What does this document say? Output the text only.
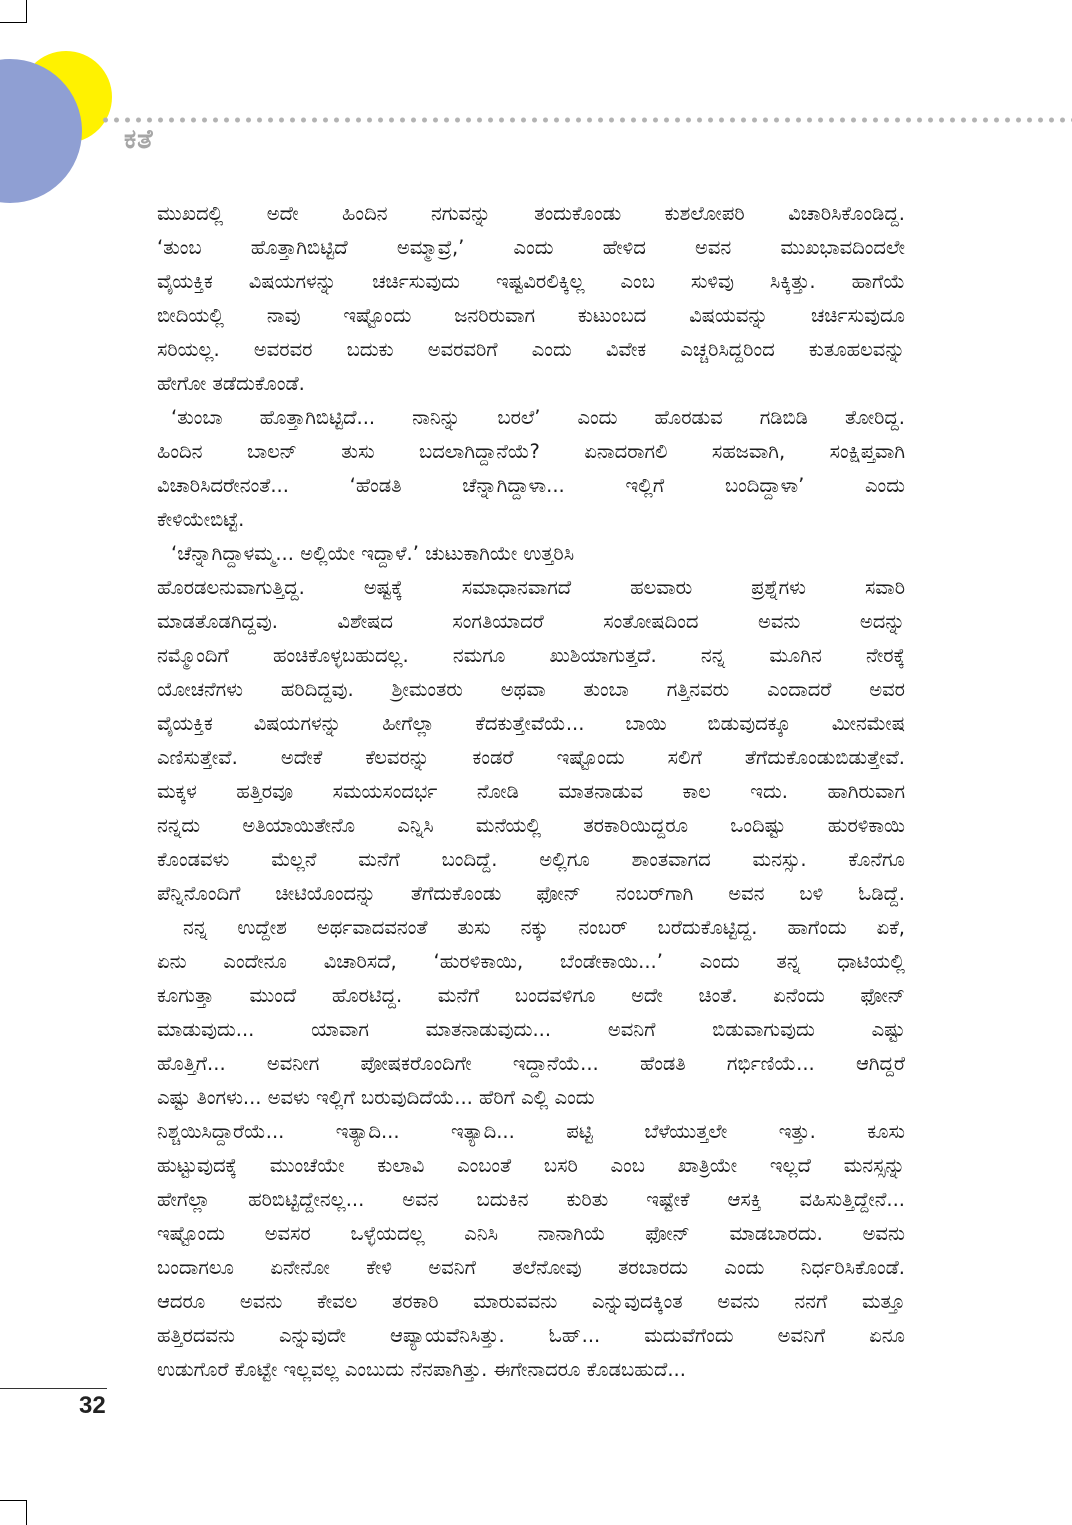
ಕತೆ
ಮುಖದಲ್ಲಿ ಅದೇ ಹಿಂದಿನ ನಗುವನ್ನು ತಂದುಕೊಂಡು ಕುಶಲೋಪರಿ ವಿಚಾರಿಸಿಕೊಂಡಿದ್ದ.
‘ತುಂಬ ಹೊತ್ತಾಗಿಬಿಟ್ಟಿದೆ ಅಮ್ಮಾವ್ರೆ,’ ಎಂದು ಹೇಳಿದ ಅವನ ಮುಖಭಾವದಿಂದಲೇ
ವೈಯಕ್ತಿಕ ವಿಷಯಗಳನ್ನು ಚರ್ಚಿಸುವುದು ಇಷ್ಟವಿರಲಿಕ್ಕಿಲ್ಲ ಎಂಬ ಸುಳಿವು ಸಿಕ್ಕಿತ್ತು. ಹಾಗೆಯೆ
ಬೀದಿಯಲ್ಲಿ ನಾವು ಇಷ್ಟೊಂದು ಜನರಿರುವಾಗ ಕುಟುಂಬದ ವಿಷಯವನ್ನು ಚರ್ಚಿಸುವುದೂ
ಸರಿಯಲ್ಲ. ಅವರವರ ಬದುಕು ಅವರವರಿಗೆ ಎಂದು ವಿವೇಕ ಎಚ್ಚರಿಸಿದ್ದರಿಂದ ಕುತೂಹಲವನ್ನು
ಹೇಗೋ ತಡೆದುಕೊಂಡೆ.
‘ತುಂಬಾ ಹೊತ್ತಾಗಿಬಿಟ್ಟಿದೆ... ನಾನಿನ್ನು ಬರಲೆ’ ಎಂದು ಹೊರಡುವ ಗಡಿಬಿಡಿ ತೋರಿದ್ದ.
ಹಿಂದಿನ ಬಾಲನ್ ತುಸು ಬದಲಾಗಿದ್ದಾನೆಯೆ? ಏನಾದರಾಗಲಿ ಸಹಜವಾಗಿ, ಸಂಕ್ಷಿಪ್ತವಾಗಿ
ವಿಚಾರಿಸಿದರೇನಂತೆ... ‘ಹೆಂಡತಿ ಚೆನ್ನಾಗಿದ್ದಾಳಾ... ಇಲ್ಲಿಗೆ ಬಂದಿದ್ದಾಳಾ’ ಎಂದು
ಕೇಳಿಯೇಬಿಟ್ಟೆ.
‘ಚೆನ್ನಾಗಿದ್ದಾಳಮ್ಮ... ಅಲ್ಲಿಯೇ ಇದ್ದಾಳೆ.’ ಚುಟುಕಾಗಿಯೇ ಉತ್ತರಿಸಿ
ಹೊರಡಲನುವಾಗುತ್ತಿದ್ದ. ಅಷ್ಟಕ್ಕೆ ಸಮಾಧಾನವಾಗದೆ ಹಲವಾರು ಪ್ರಶ್ನೆಗಳು ಸವಾರಿ
ಮಾಡತೊಡಗಿದ್ದವು. ವಿಶೇಷದ ಸಂಗತಿಯಾದರೆ ಸಂತೋಷದಿಂದ ಅವನು ಅದನ್ನು
ನಮ್ಮೊಂದಿಗೆ ಹಂಚಿಕೊಳ್ಳಬಹುದಲ್ಲ. ನಮಗೂ ಖುಶಿಯಾಗುತ್ತದೆ. ನನ್ನ ಮೂಗಿನ ನೇರಕ್ಕೆ
ಯೋಚನೆಗಳು ಹರಿದಿದ್ದವು. ಶ್ರೀಮಂತರು ಅಥವಾ ತುಂಬಾ ಗತ್ತಿನವರು ಎಂದಾದರೆ ಅವರ
ವೈಯಕ್ತಿಕ ವಿಷಯಗಳನ್ನು ಹೀಗೆಲ್ಲಾ ಕೆದಕುತ್ತೇವೆಯೆ... ಬಾಯಿ ಬಿಡುವುದಕ್ಕೂ ಮೀನಮೇಷ
ಎಣಿಸುತ್ತೇವೆ. ಅದೇಕೆ ಕೆಲವರನ್ನು ಕಂಡರೆ ಇಷ್ಟೊಂದು ಸಲಿಗೆ ತೆಗೆದುಕೊಂಡುಬಿಡುತ್ತೇವೆ.
ಮಕ್ಕಳ ಹತ್ತಿರವೂ ಸಮಯಸಂದರ್ಭ ನೋಡಿ ಮಾತನಾಡುವ ಕಾಲ ಇದು. ಹಾಗಿರುವಾಗ
ನನ್ನದು ಅತಿಯಾಯಿತೇನೊ ಎನ್ನಿಸಿ ಮನೆಯಲ್ಲಿ ತರಕಾರಿಯಿದ್ದರೂ ಒಂದಿಷ್ಟು ಹುರಳಿಕಾಯಿ
ಕೊಂಡವಳು ಮೆಲ್ಲನೆ ಮನೆಗೆ ಬಂದಿದ್ದೆ. ಅಲ್ಲಿಗೂ ಶಾಂತವಾಗದ ಮನಸ್ಸು. ಕೊನೆಗೂ
ಪೆನ್ನಿನೊಂದಿಗೆ ಚೀಟಿಯೊಂದನ್ನು ತೆಗೆದುಕೊಂಡು ಫೋನ್ ನಂಬರ್‌ಗಾಗಿ ಅವನ ಬಳಿ ಓಡಿದ್ದೆ.
ನನ್ನ ಉದ್ದೇಶ ಅರ್ಥವಾದವನಂತೆ ತುಸು ನಕ್ಕು ನಂಬರ್ ಬರೆದುಕೊಟ್ಟಿದ್ದ. ಹಾಗೆಂದು ಏಕೆ,
ಏನು ಎಂದೇನೂ ವಿಚಾರಿಸದೆ, ‘ಹುರಳಿಕಾಯಿ, ಬೆಂಡೇಕಾಯಿ...’ ಎಂದು ತನ್ನ ಧಾಟಿಯಲ್ಲಿ
ಕೂಗುತ್ತಾ ಮುಂದೆ ಹೊರಟಿದ್ದ. ಮನೆಗೆ ಬಂದವಳಿಗೂ ಅದೇ ಚಿಂತೆ. ಏನೆಂದು ಫೋನ್
ಮಾಡುವುದು... ಯಾವಾಗ ಮಾತನಾಡುವುದು... ಅವನಿಗೆ ಬಿಡುವಾಗುವುದು ಎಷ್ಟು
ಹೊತ್ತಿಗೆ... ಅವನೀಗ ಪೋಷಕರೊಂದಿಗೇ ಇದ್ದಾನೆಯೆ... ಹೆಂಡತಿ ಗರ್ಭಿಣಿಯೆ... ಆಗಿದ್ದರೆ
ಎಷ್ಟು ತಿಂಗಳು... ಅವಳು ಇಲ್ಲಿಗೆ ಬರುವುದಿದೆಯೆ... ಹೆರಿಗೆ ಎಲ್ಲಿ ಎಂದು
ನಿಶ್ಚಯಿಸಿದ್ದಾರೆಯೆ... ಇತ್ಯಾದಿ... ಇತ್ಯಾದಿ... ಪಟ್ಟಿ ಬೆಳೆಯುತ್ತಲೇ ಇತ್ತು. ಕೂಸು
ಹುಟ್ಟುವುದಕ್ಕೆ ಮುಂಚೆಯೇ ಕುಲಾವಿ ಎಂಬಂತೆ ಬಸರಿ ಎಂಬ ಖಾತ್ರಿಯೇ ಇಲ್ಲದೆ ಮನಸ್ಸನ್ನು
ಹೇಗೆಲ್ಲಾ ಹರಿಬಿಟ್ಟಿದ್ದೇನಲ್ಲ... ಅವನ ಬದುಕಿನ ಕುರಿತು ಇಷ್ಟೇಕೆ ಆಸಕ್ತಿ ವಹಿಸುತ್ತಿದ್ದೇನೆ...
ಇಷ್ಟೊಂದು ಅವಸರ ಒಳ್ಳೆಯದಲ್ಲ ಎನಿಸಿ ನಾನಾಗಿಯೆ ಫೋನ್ ಮಾಡಬಾರದು. ಅವನು
ಬಂದಾಗಲೂ ಏನೇನೋ ಕೇಳಿ ಅವನಿಗೆ ತಲೆನೋವು ತರಬಾರದು ಎಂದು ನಿರ್ಧರಿಸಿಕೊಂಡೆ.
ಆದರೂ ಅವನು ಕೇವಲ ತರಕಾರಿ ಮಾರುವವನು ಎನ್ನುವುದಕ್ಕಿಂತ ಅವನು ನನಗೆ ಮತ್ತೂ
ಹತ್ತಿರದವನು ಎನ್ನುವುದೇ ಆಪ್ಯಾಯವೆನಿಸಿತ್ತು. ಓಹ್... ಮದುವೆಗೆಂದು ಅವನಿಗೆ ಏನೂ
ಉಡುಗೊರೆ ಕೊಟ್ಟೇ ಇಲ್ಲವಲ್ಲ ಎಂಬುದು ನೆನಪಾಗಿತ್ತು. ಈಗೇನಾದರೂ ಕೊಡಬಹುದೆ...
32
